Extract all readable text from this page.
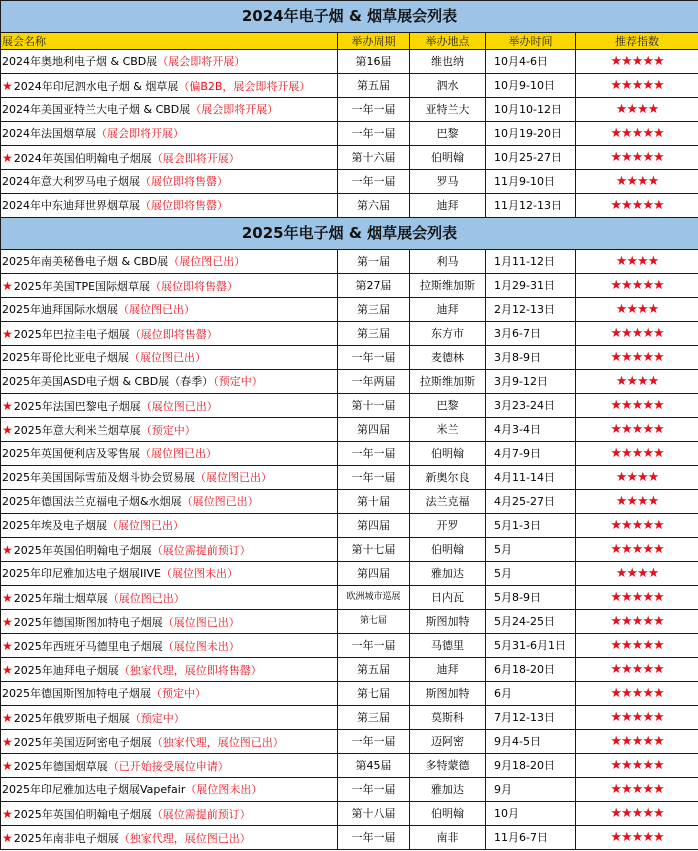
2024年电子烟 & 烟草展会列表				
展会名称	举办周期	举办地点	举办时间	推荐指数
2024年奥地利电子烟 & CBD展（展会即将开展）	第16届	维也纳	10月4-6日	★★★★★
★2024年印尼泗水电子烟 & 烟草展（偏B2B，展会即将开展）	第五届	泗水	10月9-10日	★★★★★
2024年美国亚特兰大电子烟 & CBD展（展会即将开展）	一年一届	亚特兰大	10月10-12日	★★★★
2024年法国烟草展（展会即将开展）	一年一届	巴黎	10月19-20日	★★★★★
★2024年英国伯明翰电子烟展（展会即将开展）	第十六届	伯明翰	10月25-27日	★★★★★
2024年意大利罗马电子烟展（展位即将售罄）	一年一届	罗马	11月9-10日	★★★★
2024年中东迪拜世界烟草展（展位即将售罄）	第六届	迪拜	11月12-13日	★★★★★
2025年电子烟 & 烟草展会列表				
2025年南美秘鲁电子烟 & CBD展（展位图已出）	第一届	利马	1月11-12日	★★★★
★2025年美国TPE国际烟草展（展位即将售罄）	第27届	拉斯维加斯	1月29-31日	★★★★★
2025年迪拜国际水烟展（展位图已出）	第三届	迪拜	2月12-13日	★★★★
★2025年巴拉圭电子烟展（展位即将售罄）	第三届	东方市	3月6-7日	★★★★★
2025年哥伦比亚电子烟展（展位图已出）	一年一届	麦德林	3月8-9日	★★★★★
2025年美国ASD电子烟 & CBD展（春季）（预定中）	一年两届	拉斯维加斯	3月9-12日	★★★★
★2025年法国巴黎电子烟展（展位图已出）	第十一届	巴黎	3月23-24日	★★★★★
★2025年意大利米兰烟草展（预定中）	第四届	米兰	4月3-4日	★★★★★
2025年英国便利店及零售展（展位图已出）	一年一届	伯明翰	4月7-9日	★★★★★
2025年美国国际雪茄及烟斗协会贸易展（展位图已出）	一年一届	新奥尔良	4月11-14日	★★★★
2025年德国法兰克福电子烟&水烟展（展位图已出）	第十届	法兰克福	4月25-27日	★★★★
2025年埃及电子烟展（展位图已出）	第四届	开罗	5月1-3日	★★★★★
★2025年英国伯明翰电子烟展（展位需提前预订）	第十七届	伯明翰	5月	★★★★★
2025年印尼雅加达电子烟展IIVE（展位图未出）	第四届	雅加达	5月	★★★★
★2025年瑞士烟草展（展位图已出）	欧洲城市巡展	日内瓦	5月8-9日	★★★★★
★2025年德国斯图加特电子烟展（展位图已出）	第七届	斯图加特	5月24-25日	★★★★★
★2025年西班牙马德里电子烟展（展位图未出）	一年一届	马德里	5月31-6月1日	★★★★★
★2025年迪拜电子烟展（独家代理，展位即将售罄）	第五届	迪拜	6月18-20日	★★★★★
2025年德国斯图加特电子烟展（预定中）	第七届	斯图加特	6月	★★★★★
★2025年俄罗斯电子烟展（预定中）	第三届	莫斯科	7月12-13日	★★★★★
★2025年美国迈阿密电子烟展（独家代理，展位图已出）	一年一届	迈阿密	9月4-5日	★★★★★
★2025年德国烟草展（已开始接受展位申请）	第45届	多特蒙德	9月18-20日	★★★★★
2025年印尼雅加达电子烟展Vapefair（展位图未出）	一年一届	雅加达	9月	★★★★★
★2025年英国伯明翰电子烟展（展位需提前预订）	第十八届	伯明翰	10月	★★★★★
★2025年南非电子烟展（独家代理，展位图已出）	一年一届	南非	11月6-7日	★★★★★
